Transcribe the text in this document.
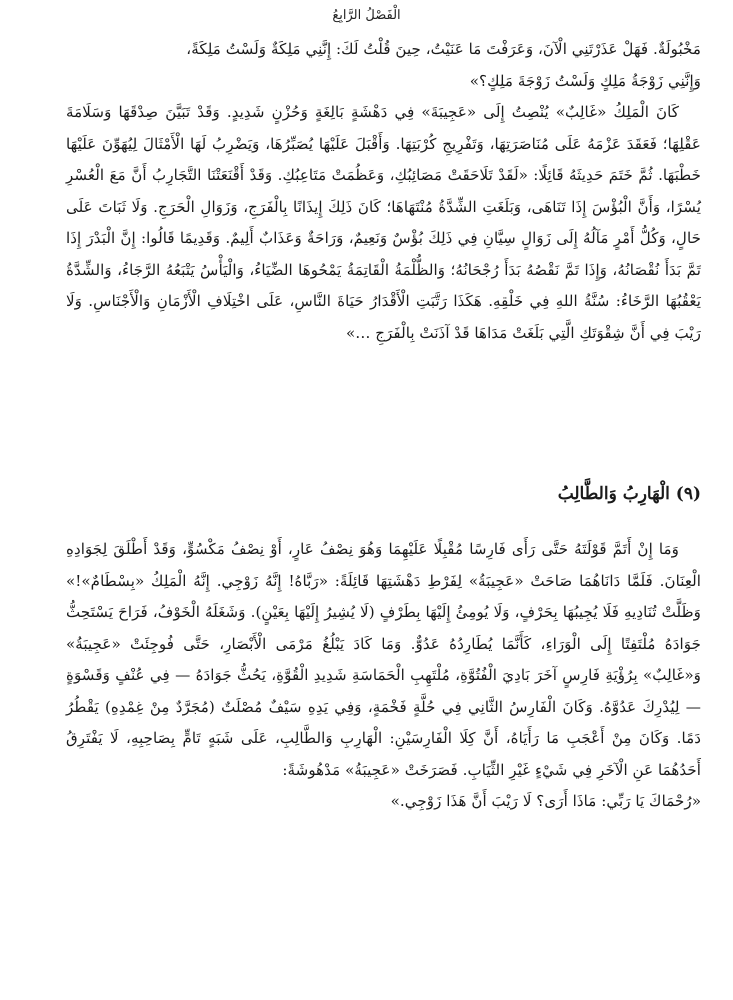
الْفَصْلُ الرَّابِعُ

مَخْبُولَةٌ. فَهَلْ عَذَرْتَنِي الْآنَ، وَعَرَفْتَ مَا عَنَيْتُ، حِينَ قُلْتُ لَكَ: إِنَّنِي مَلِكَةٌ وَلَسْتُ مَلِكَةً،

وَإِنَّنِي زَوْجَةُ مَلِكٍ وَلَسْتُ زَوْجَةَ مَلِكٍ؟»

كَانَ الْمَلِكُ «غَالِبٌ» يُنْصِتُ إِلَى «عَجِيبَةَ» فِي دَهْشَةٍ بَالِغَةٍ وَحُزْنٍ شَدِيدٍ. وَقَدْ تَبَيَّنَ صِدْقَهَا وَسَلَامَةَ عَقْلِهَا؛ فَعَقَدَ عَزْمَهُ عَلَى مُنَاصَرَتِهَا، وَتَفْرِيجِ كُرْبَتِهَا. وَأَقْبَلَ عَلَيْهَا يُصَبِّرُهَا، وَيَضْرِبُ لَهَا الْأَمْثَالَ لِيُهَوِّنَ عَلَيْهَا خَطْبَهَا. ثُمَّ خَتَمَ حَدِيثَهُ قَائِلًا: «لَقَدْ تَلَاحَقَتْ مَصَائِبُكِ، وَعَظُمَتْ مَتَاعِبُكِ. وَقَدْ أَقْنَعَتْنَا التَّجَارِبُ أَنَّ مَعَ الْعُسْرِ يُسْرًا، وَأَنَّ الْبُؤْسَ إِذَا تَنَاهَى، وَبَلَغَتِ الشِّدَّةُ مُنْتَهَاهَا؛ كَانَ ذَلِكَ إِيذَانًا بِالْفَرَجِ، وَزَوَالِ الْحَرَجِ. وَلَا ثَبَاتَ عَلَى حَالٍ، وَكُلُّ أَمْرٍ مَآلُهُ إِلَى زَوَالٍ سِيَّانِ فِي ذَلِكَ بُؤْسٌ وَنَعِيمٌ، وَرَاحَةٌ وَعَذَابٌ أَلِيمٌ. وَقَدِيمًا قَالُوا: إِنَّ الْبَدْرَ إِذَا تَمَّ بَدَأَ نُقْصَانُهُ، وَإِذَا تَمَّ نَقْصُهُ بَدَأَ رُجْحَانُهُ؛ وَالظُّلْمَةُ الْقَاتِمَةُ يَمْحُوهَا الضِّيَاءُ، وَالْيَأْسُ يَتْبَعُهُ الرَّجَاءُ، وَالشِّدَّةُ يَعْقُبُهَا الرَّخَاءُ: سُنَّةُ اللهِ فِي خَلْقِهِ. هَكَذَا رَتَّبَتِ الْأَقْدَارُ حَيَاةَ النَّاسِ، عَلَى اخْتِلَافِ الْأَزْمَانِ وَالْأَجْنَاسِ. وَلَا رَيْبَ فِي أَنَّ شِقْوَتَكِ الَّتِي بَلَغَتْ مَدَاهَا قَدْ آذَنَتْ بِالْفَرَجِ …»

(٩) الْهَارِبُ وَالطَّالِبُ

وَمَا إِنْ أَتَمَّ قَوْلَتَهُ حَتَّى رَأَى فَارِسًا مُقْبِلًا عَلَيْهِمَا وَهُوَ نِصْفُ عَارٍ، أَوْ نِصْفُ مَكْسُوٍّ، وَقَدْ أَطْلَقَ لِجَوَادِهِ الْعِنَانَ. فَلَمَّا دَانَاهُمَا صَاحَتْ «عَجِيبَةُ» لِفَرْطِ دَهْشَتِهَا قَائِلَةً: «رَبَّاهُ! إِنَّهُ زَوْجِي. إِنَّهُ الْمَلِكُ «بِسْطَامٌ»!» وَظَلَّتْ تُنَادِيهِ فَلَا يُجِيبُهَا بِحَرْفٍ، وَلَا يُومِئُ إِلَيْهَا بِطَرْفٍ (لَا يُشِيرُ إِلَيْهَا بِعَيْنٍ). وَشَغَلَهُ الْخَوْفُ، فَرَاحَ يَسْتَحِثُّ جَوَادَهُ مُلْتَفِتًا إِلَى الْوَرَاءِ، كَأَنَّمَا يُطَارِدُهُ عَدُوٌّ. وَمَا كَادَ يَبْلُغُ مَرْمَى الْأَبْصَارِ، حَتَّى فُوجِئَتْ «عَجِيبَةُ» وَ«غَالِبٌ» بِرُؤْيَةِ فَارِسٍ آخَرَ بَادِيَ الْفُتُوَّةِ، مُلْتَهِبِ الْحَمَاسَةِ شَدِيدِ الْقُوَّةِ، يَحُثُّ جَوَادَهُ — فِي عُنْفٍ وَقَسْوَةٍ — لِيُدْرِكَ عَدُوَّهُ. وَكَانَ الْفَارِسُ الثَّانِي فِي حُلَّةٍ فَخْمَةٍ، وَفِي يَدِهِ سَيْفٌ مُصْلَتٌ (مُجَرَّدٌ مِنْ غِمْدِهِ) يَقْطُرُ دَمًا. وَكَانَ مِنْ أَعْجَبِ مَا رَأَيَاهُ، أَنَّ كِلَا الْفَارِسَيْنِ: الْهَارِبِ وَالطَّالِبِ، عَلَى شَبَهٍ تَامٍّ بِصَاحِبِهِ، لَا يَفْتَرِقُ أَحَدُهُمَا عَنِ الْآخَرِ فِي شَيْءٍ غَيْرِ الثِّيَابِ. فَصَرَخَتْ «عَجِيبَةُ» مَدْهُوشَةً:

«رُحْمَاكَ يَا رَبِّي: مَاذَا أَرَى؟ لَا رَيْبَ أَنَّ هَذَا زَوْجِي.»
